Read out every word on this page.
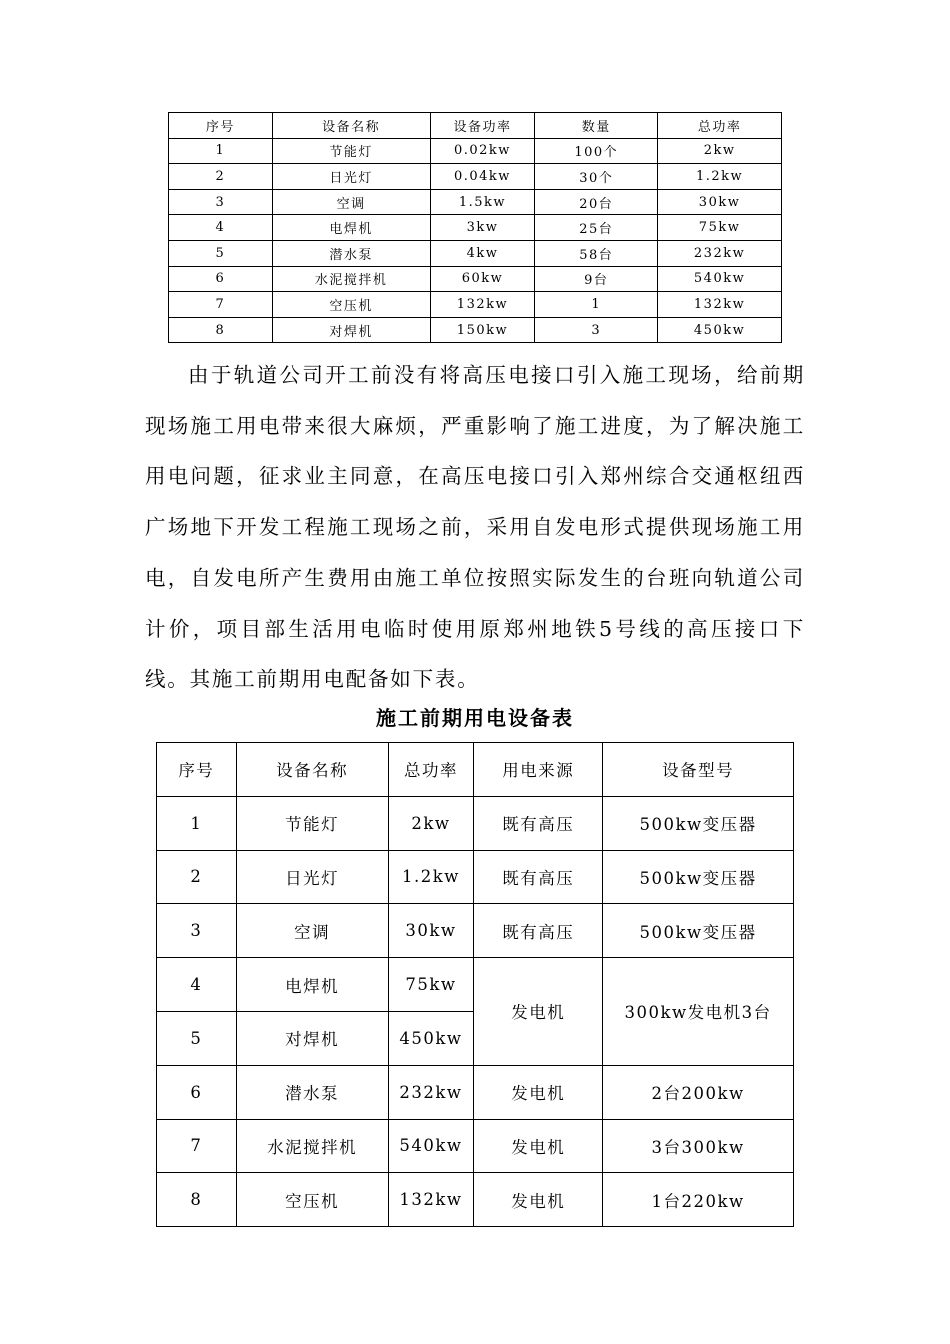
序号	设备名称	设备功率	数量	总功率
1	节能灯	0.02kw	100个	2kw
2	日光灯	0.04kw	30个	1.2kw
3	空调	1.5kw	20台	30kw
4	电焊机	3kw	25台	75kw
5	潜水泵	4kw	58台	232kw
6	水泥搅拌机	60kw	9台	540kw
7	空压机	132kw	1	132kw
8	对焊机	150kw	3	450kw

由于轨道公司开工前没有将高压电接口引入施工现场，给前期现场施工用电带来很大麻烦，严重影响了施工进度，为了解决施工用电问题，征求业主同意，在高压电接口引入郑州综合交通枢纽西广场地下开发工程施工现场之前，采用自发电形式提供现场施工用电，自发电所产生费用由施工单位按照实际发生的台班向轨道公司计价，项目部生活用电临时使用原郑州地铁5号线的高压接口下线。其施工前期用电配备如下表。

施工前期用电设备表
序号	设备名称	总功率	用电来源	设备型号
1	节能灯	2kw	既有高压	500kw变压器
2	日光灯	1.2kw	既有高压	500kw变压器
3	空调	30kw	既有高压	500kw变压器
4	电焊机	75kw	发电机	300kw发电机3台
5	对焊机	450kw		
6	潜水泵	232kw	发电机	2台200kw
7	水泥搅拌机	540kw	发电机	3台300kw
8	空压机	132kw	发电机	1台220kw
